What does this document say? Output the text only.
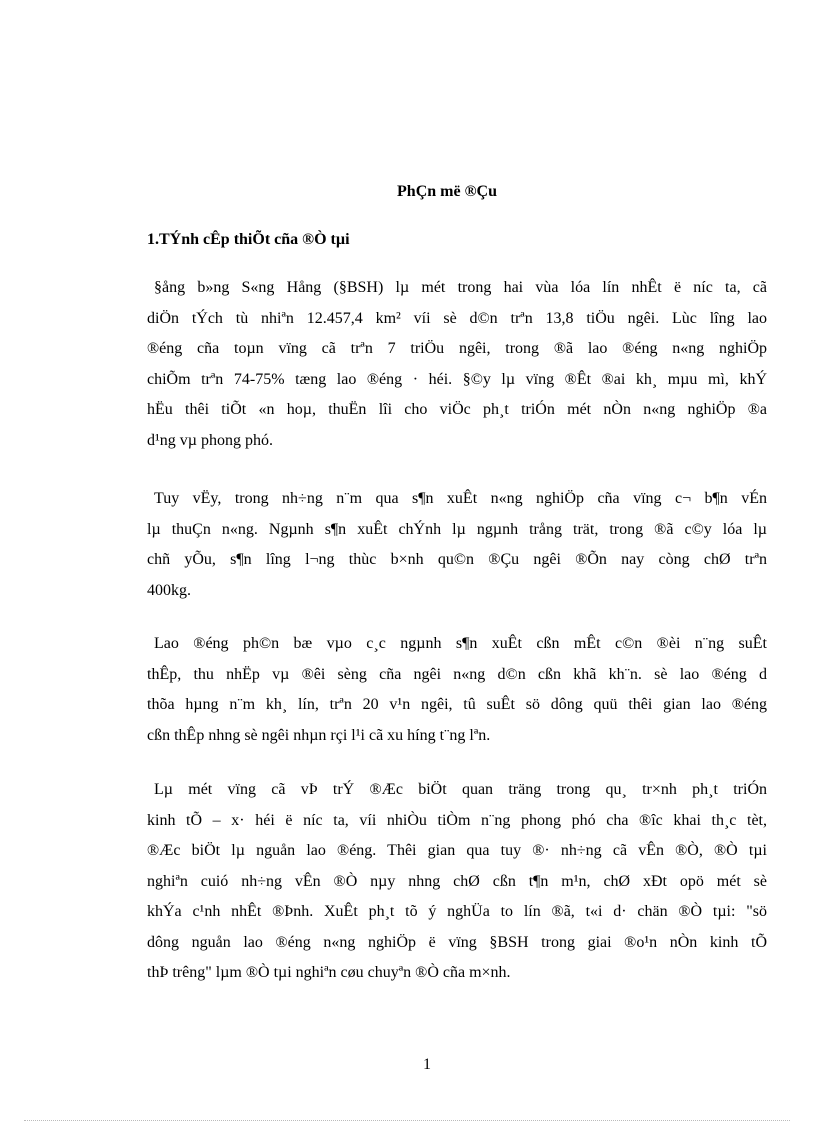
PhÇn më ®Çu
1.TÝnh cÊp thiÕt cña ®Ò tµi
§ång b»ng S«ng Hång (§BSH) lµ mét trong hai vùa lóa lín nhÊt ë níc ta, cã
diÖn tÝch tù nhiªn 12.457,4 km² víi sè d©n trªn 13,8 tiÖu ngêi. Lùc lîng lao
®éng cña toµn vïng cã trªn 7 triÖu ngêi, trong ®ã lao ®éng n«ng nghiÖp
chiÕm trªn 74-75% tæng lao ®éng · héi. §©y lµ vïng ®Êt ®ai kh¸ mµu mì, khÝ
hËu thêi tiÕt «n hoµ, thuËn lîi cho viÖc ph¸t triÓn mét nÒn n«ng nghiÖp ®a
d¹ng vµ phong phó.
Tuy vËy, trong nh÷ng n¨m qua s¶n xuÊt n«ng nghiÖp cña vïng c¬ b¶n vÉn
lµ thuÇn n«ng. Ngµnh s¶n xuÊt chÝnh lµ ngµnh trång trät, trong ®ã c©y lóa lµ
chñ yÕu, s¶n lîng l¬ng thùc b×nh qu©n ®Çu ngêi ®Õn nay còng chØ trªn
400kg.
Lao ®éng ph©n bæ vµo c¸c ngµnh s¶n xuÊt cßn mÊt c©n ®èi n¨ng suÊt
thÊp, thu nhËp vµ ®êi sèng cña ngêi n«ng d©n cßn khã kh¨n. sè lao ®éng d
thõa hµng n¨m kh¸ lín, trªn 20 v¹n ngêi, tû suÊt sö dông quü thêi gian lao ®éng
cßn thÊp nhng sè ngêi nhµn rçi l¹i cã xu híng t¨ng lªn.
Lµ mét vïng cã vÞ trÝ ®Æc biÖt quan träng trong qu¸ tr×nh ph¸t triÓn
kinh tÕ – x· héi ë níc ta, víi nhiÒu tiÒm n¨ng phong phó cha ®îc khai th¸c tèt,
®Æc biÖt lµ nguån lao ®éng. Thêi gian qua tuy ®· nh÷ng cã vÊn ®Ò, ®Ò tµi
nghiªn cuió nh÷ng vÊn ®Ò nµy nhng chØ cßn t¶n m¹n, chØ xÐt opö mét sè
khÝa c¹nh nhÊt ®Þnh. XuÊt ph¸t tõ ý nghÜa to lín ®ã, t«i d· chän ®Ò tµi: "sö
dông nguån lao ®éng n«ng nghiÖp ë vïng §BSH trong giai ®o¹n nÒn kinh tÕ
thÞ trêng" lµm ®Ò tµi nghiªn cøu chuyªn ®Ò cña m×nh.
1
